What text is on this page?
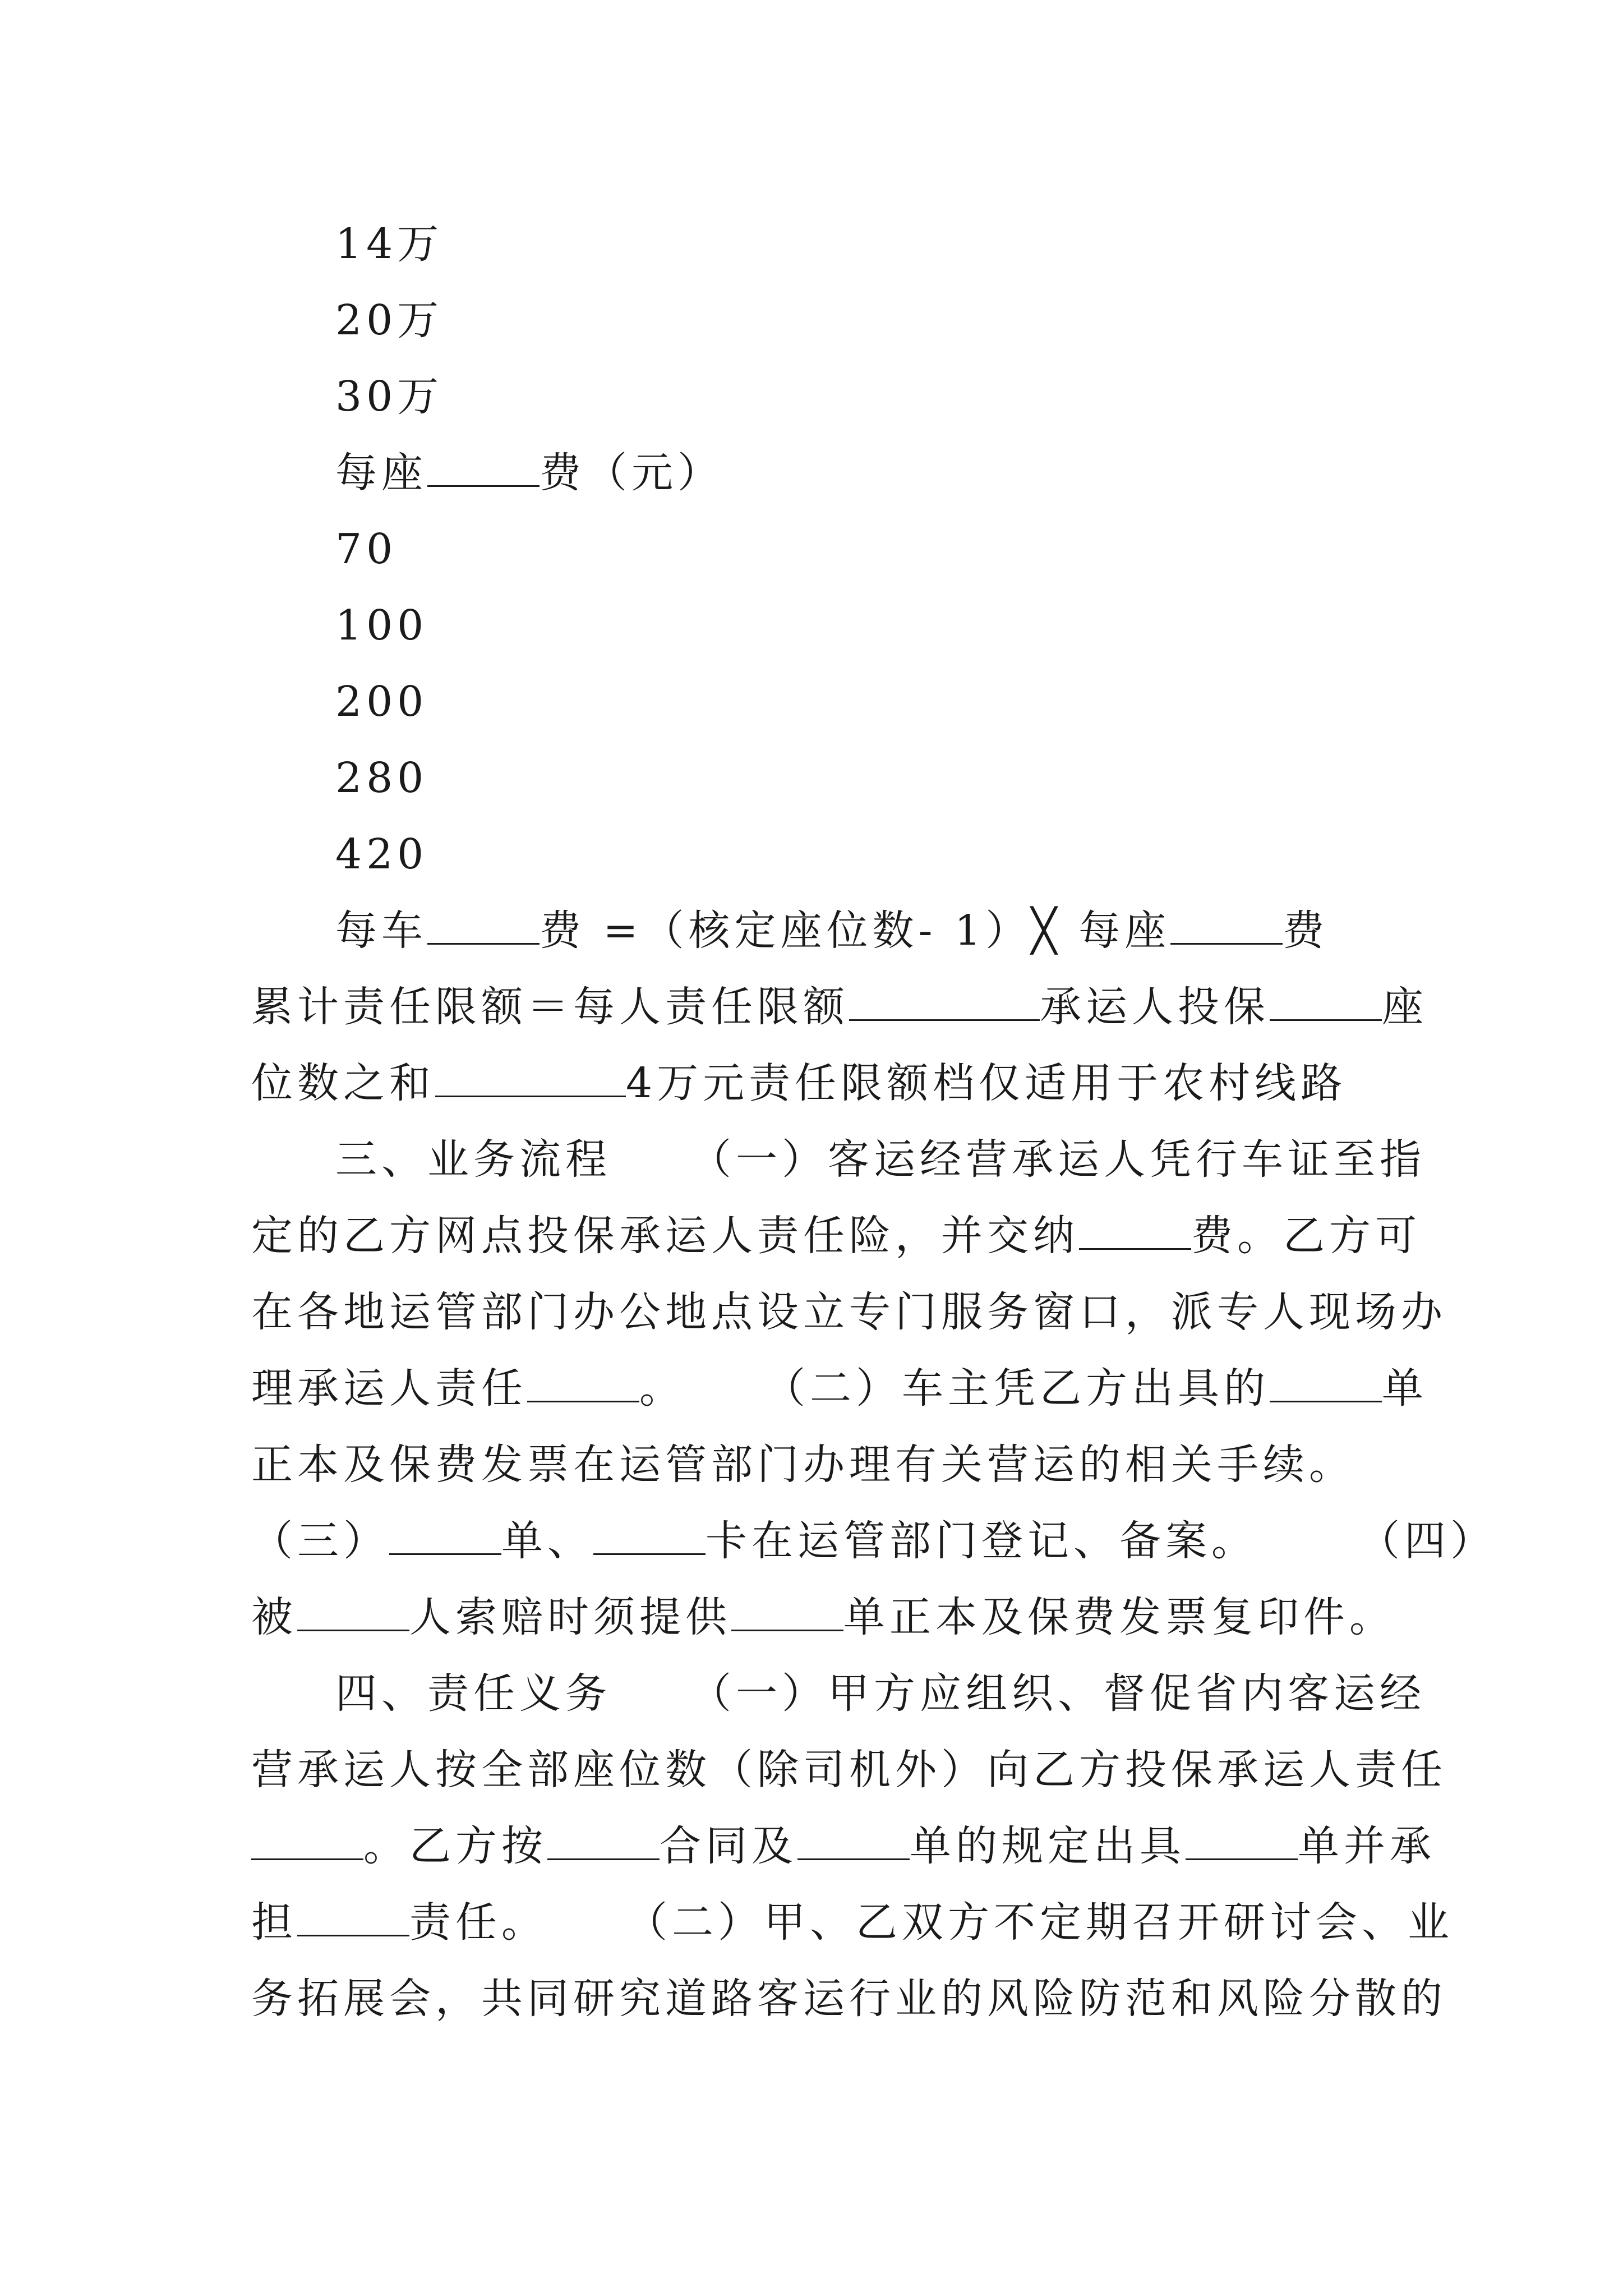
14万
20万
30万
每座	费（元）
70
100
200
280
420
每车	费 =（核定座位数- 1）╳ 每座	费
累计责任限额＝每人责任限额	承运人投保	座
位数之和	4万元责任限额档仅适用于农村线路
三、业务流程 （一）客运经营承运人凭行车证至指
定的乙方网点投保承运人责任险，并交纳	费。乙方可
在各地运管部门办公地点设立专门服务窗口，派专人现场办
理承运人责任	。 （二）车主凭乙方出具的	单
正本及保费发票在运管部门办理有关营运的相关手续。
（三）	单、	卡在运管部门登记、备案。 （四）
被	人索赔时须提供	单正本及保费发票复印件。
四、责任义务 （一）甲方应组织、督促省内客运经
营承运人按全部座位数（除司机外）向乙方投保承运人责任
。乙方按	合同及	单的规定出具	单并承
担	责任。 （二）甲、乙双方不定期召开研讨会、业
务拓展会，共同研究道路客运行业的风险防范和风险分散的
